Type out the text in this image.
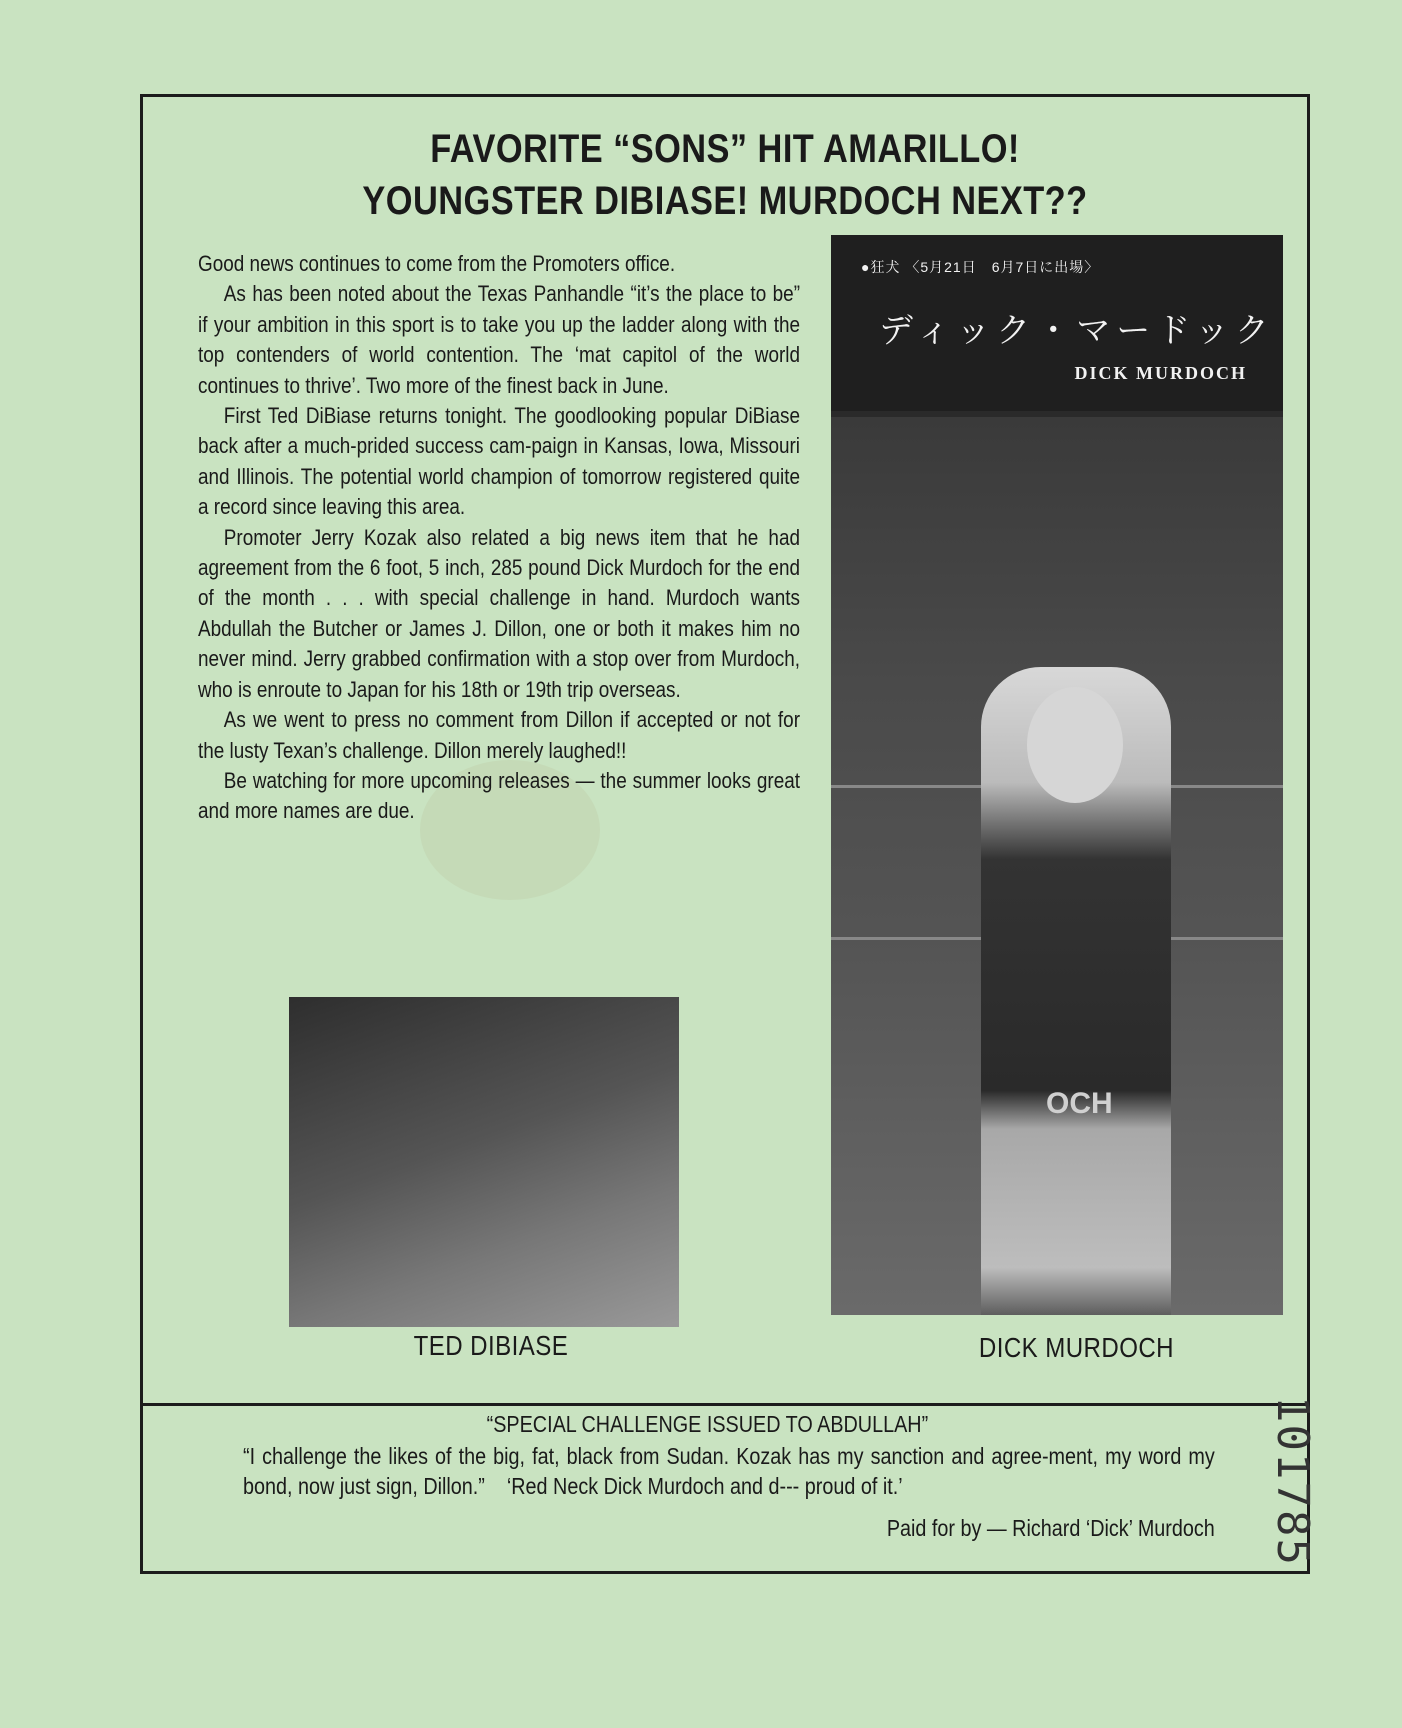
FAVORITE “SONS” HIT AMARILLO!
YOUNGSTER DIBIASE! MURDOCH NEXT??

Good news continues to come from the Promoters office.

As has been noted about the Texas Panhandle “it’s the place to be” if your ambition in this sport is to take you up the ladder along with the top contenders of world contention. The ‘mat capitol of the world continues to thrive’. Two more of the finest back in June.

First Ted DiBiase returns tonight. The goodlooking popular DiBiase back after a much-prided success cam-paign in Kansas, Iowa, Missouri and Illinois. The potential world champion of tomorrow registered quite a record since leaving this area.

Promoter Jerry Kozak also related a big news item that he had agreement from the 6 foot, 5 inch, 285 pound Dick Murdoch for the end of the month . . . with special challenge in hand. Murdoch wants Abdullah the Butcher or James J. Dillon, one or both it makes him no never mind. Jerry grabbed confirmation with a stop over from Murdoch, who is enroute to Japan for his 18th or 19th trip overseas.

As we went to press no comment from Dillon if accepted or not for the lusty Texan’s challenge. Dillon merely laughed!!

Be watching for more upcoming releases — the summer looks great and more names are due.

●狂犬 〈5月21日　6月7日に出場〉
ディック・マードック
DICK MURDOCH
OCH
TED DIBIASE	DICK MURDOCH
“SPECIAL CHALLENGE ISSUED TO ABDULLAH”

“I challenge the likes of the big, fat, black from Sudan. Kozak has my sanction and agree-ment, my word my bond, now just sign, Dillon.”    ‘Red Neck Dick Murdoch and d--- proud of it.’

Paid for by — Richard ‘Dick’ Murdoch 101785
